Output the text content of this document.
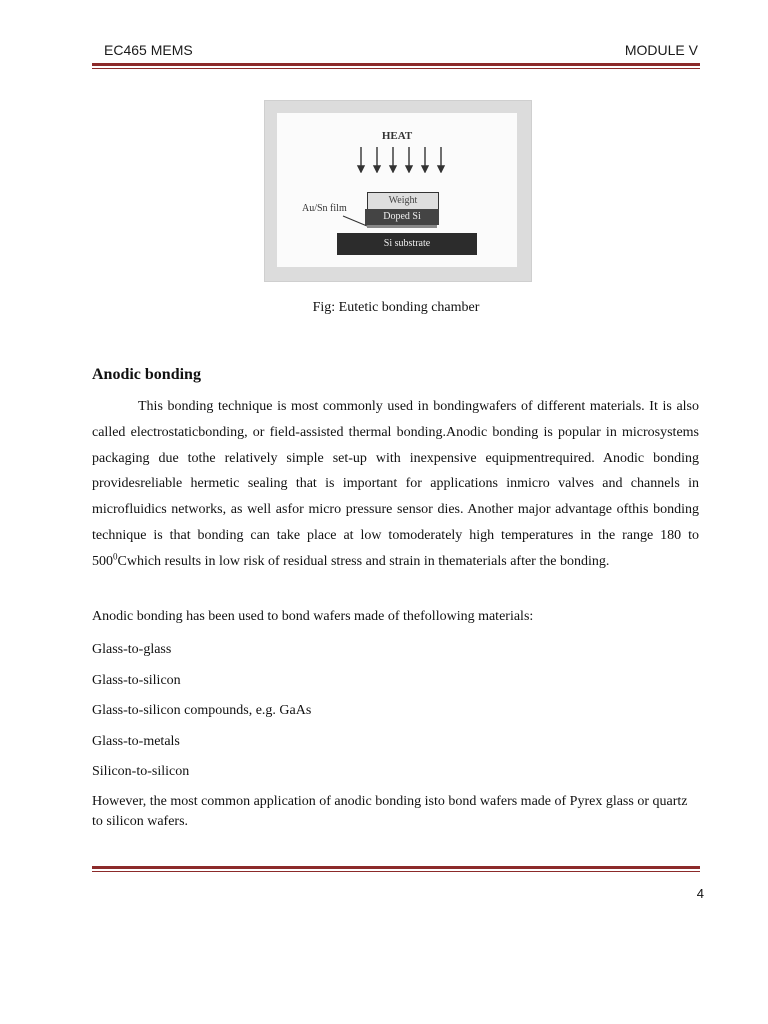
EC465 MEMS	MODULE V
HEAT
Weight
Doped Si
Si substrate
Au/Sn film
Fig: Eutetic bonding chamber
Anodic bonding
This bonding technique is most commonly used in bondingwafers of different materials. It is also called electrostaticbonding, or field-assisted thermal bonding.Anodic bonding is popular in microsystems packaging due tothe relatively simple set-up with inexpensive equipmentrequired. Anodic bonding providesreliable hermetic sealing that is important for applications inmicro valves and channels in microfluidics networks, as well asfor micro pressure sensor dies. Another major advantage ofthis bonding technique is that bonding can take place at low tomoderately high temperatures in the range 180 to $500^0Cwhich$ results in low risk of residual stress and strain in thematerials after the bonding.
Anodic bonding has been used to bond wafers made of thefollowing materials:
Glass-to-glass
Glass-to-silicon
Glass-to-silicon compounds, e.g. GaAs
Glass-to-metals
Silicon-to-silicon
However, the most common application of anodic bonding isto bond wafers made of Pyrex glass or quartz to silicon wafers.
4
